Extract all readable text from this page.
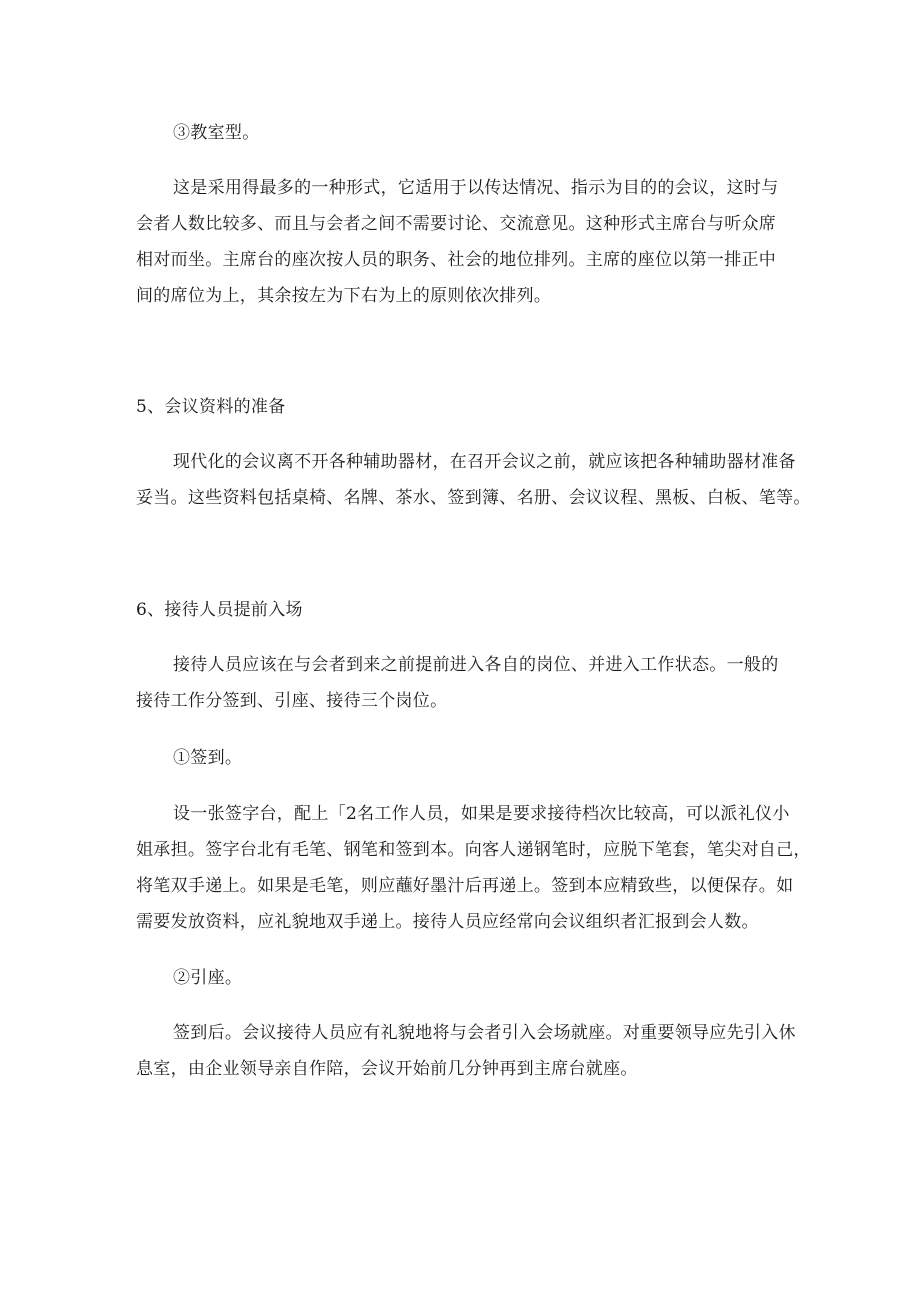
③教室型。
这是采用得最多的一种形式，它适用于以传达情况、指示为目的的会议，这时与
会者人数比较多、而且与会者之间不需要讨论、交流意见。这种形式主席台与听众席
相对而坐。主席台的座次按人员的职务、社会的地位排列。主席的座位以第一排正中
间的席位为上，其余按左为下右为上的原则依次排列。
5、会议资料的准备
现代化的会议离不开各种辅助器材，在召开会议之前，就应该把各种辅助器材准备
妥当。这些资料包括桌椅、名牌、茶水、签到簿、名册、会议议程、黑板、白板、笔等。
6、接待人员提前入场
接待人员应该在与会者到来之前提前进入各自的岗位、并进入工作状态。一般的
接待工作分签到、引座、接待三个岗位。
①签到。
设一张签字台，配上「2名工作人员，如果是要求接待档次比较高，可以派礼仪小
姐承担。签字台北有毛笔、钢笔和签到本。向客人递钢笔时，应脱下笔套，笔尖对自己，
将笔双手递上。如果是毛笔，则应蘸好墨汁后再递上。签到本应精致些，以便保存。如
需要发放资料，应礼貌地双手递上。接待人员应经常向会议组织者汇报到会人数。
②引座。
签到后。会议接待人员应有礼貌地将与会者引入会场就座。对重要领导应先引入休
息室，由企业领导亲自作陪，会议开始前几分钟再到主席台就座。
